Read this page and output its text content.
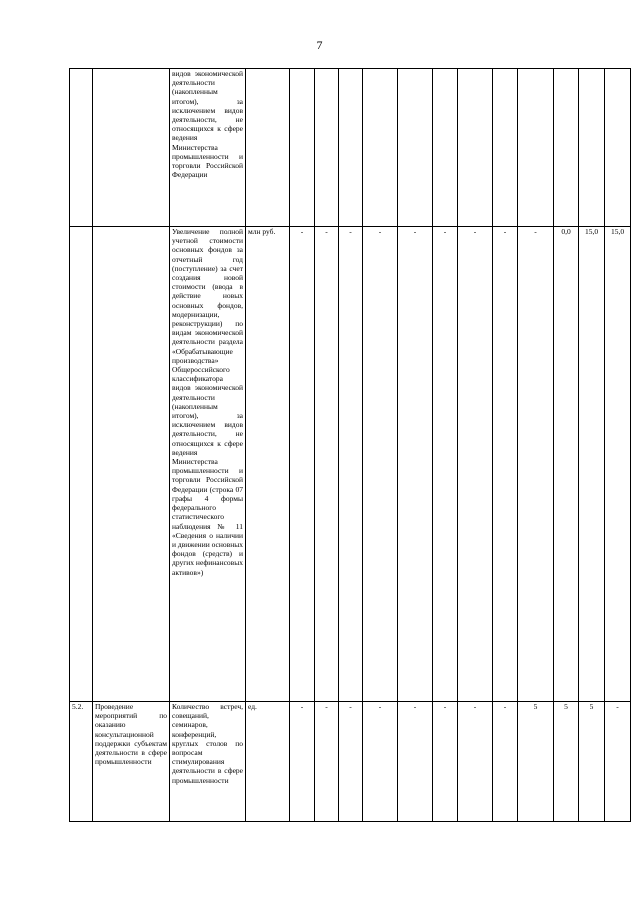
7
		видов экономической деятельности (накопленным итогом), за исключением видов деятельности, не относящихся к сфере ведения Министерства промышленности и торговли Российской Федерации													
		Увеличение полной учетной стоимости основных фондов за отчетный год (поступление) за счет создания новой стоимости (ввода в действие новых основных фондов, модернизации, реконструкции) по видам экономической деятельности раздела «Обрабатывающие производства» Общероссийского классификатора видов экономической деятельности (накопленным итогом), за исключением видов деятельности, не относящихся к сфере ведения Министерства промышленности и торговли Российской Федерации (строка 07 графы 4 формы федерального статистического наблюдения № 11 «Сведения о наличии и движении основных фондов (средств) и других нефинансовых активов»)	млн руб.	-	-	-	-	-	-	-	-	-	0,0	15,0	15,0
5.2.	Проведение мероприятий по оказанию консультационной поддержки субъектам деятельности в сфере промышленности	Количество встреч, совещаний, семинаров, конференций, круглых столов по вопросам стимулирования деятельности в сфере промышленности	ед.	-	-	-	-	-	-	-	-	5	5	5	-
